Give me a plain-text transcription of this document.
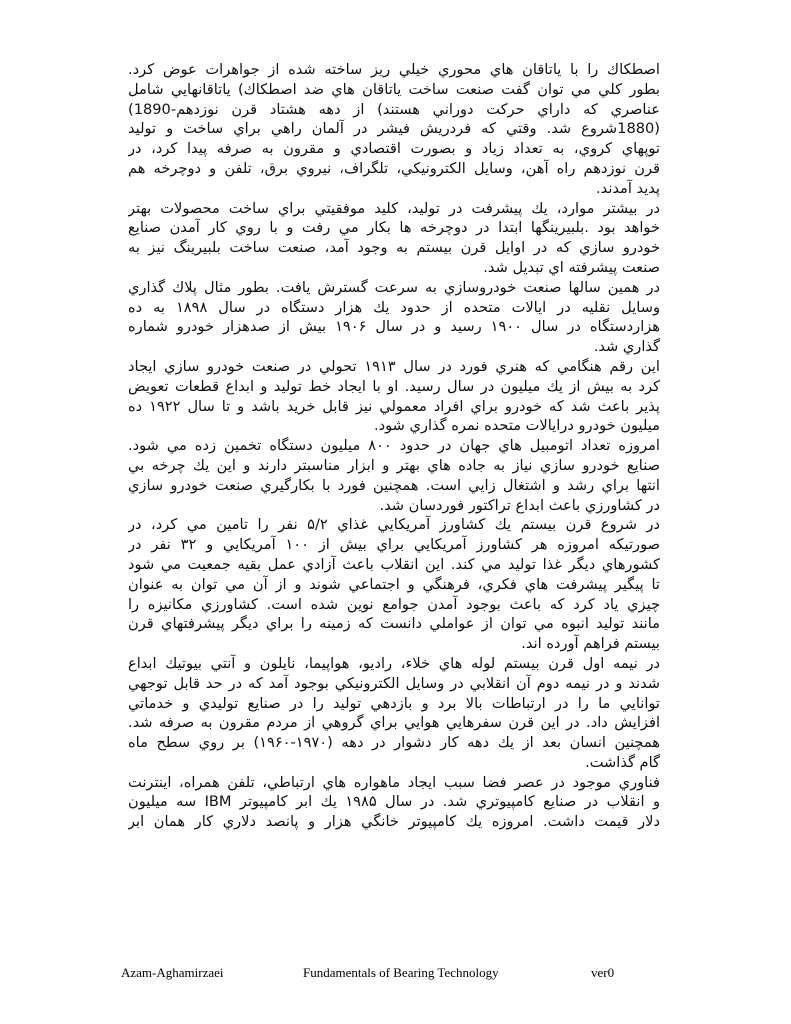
اصطكاك را با ياتاقان هاي محوري خيلي ريز ساخته شده از جواهرات عوض كرد.
بطور كلي مي توان گفت صنعت ساخت ياتاقان هاي ضد اصطكاك) ياتاقانهايي شامل
عناصري كه داراي حركت دوراني هستند) از دهه هشتاد قرن نوزدهم-1890)
(1880شروع شد. وقتي كه فردريش فيشر در آلمان راهي براي ساخت و توليد
توپهاي كروي، به تعداد زياد و بصورت اقتصادي و مقرون به صرفه پيدا كرد، در
قرن نوزدهم راه آهن، وسايل الكترونيكي، تلگراف، نيروي برق، تلفن و دوچرخه هم
پديد آمدند.
در بيشتر موارد، يك پيشرفت در توليد، كليد موفقيتي براي ساخت محصولات بهتر
خواهد بود .بلبيرينگها ابتدا در دوچرخه ها بكار مي رفت و با روي كار آمدن صنايع
خودرو سازي كه در اوايل قرن بيستم به وجود آمد، صنعت ساخت بلبيرينگ نيز به
صنعت پيشرفته اي تبديل شد.
در همين سالها صنعت خودروسازي به سرعت گسترش يافت. بطور مثال پلاك گذاري
وسايل نقليه در ايالات متحده از حدود يك هزار دستگاه در سال ۱۸۹۸ به ده
هزاردستگاه در سال ۱۹۰۰ رسيد و در سال ۱۹۰۶ بيش از صدهزار خودرو شماره
گذاري شد.
اين رقم هنگامي كه هنري فورد در سال ۱۹۱۳ تحولي در صنعت خودرو سازي ايجاد
كرد به بيش از يك ميليون در سال رسيد. او با ايجاد خط توليد و ابداع قطعات تعويض
پذير باعث شد كه خودرو براي افراد معمولي نيز قابل خريد باشد و تا سال ۱۹۲۲ ده
ميليون خودرو درايالات متحده نمره گذاري شود.
امروزه تعداد اتومبيل هاي جهان در حدود ۸۰۰ ميليون دستگاه تخمين زده مي شود.
صنايع خودرو سازي نياز به جاده هاي بهتر و ابزار مناسبتر دارند و اين يك چرخه بي
انتها براي رشد و اشتغال زايي است. همچنين فورد با بكارگيري صنعت خودرو سازي
در كشاورزي باعث ابداع تراكتور فوردسان شد.
در شروع قرن بيستم يك كشاورز آمريكايي غذاي ۵/۲ نفر را تامين مي كرد، در
صورتيكه امروزه هر كشاورز آمريكايي براي بيش از ۱۰۰ آمريكايي و ۳۲ نفر در
كشورهاي ديگر غذا توليد مي كند. اين انقلاب باعث آزادي عمل بقيه جمعيت مي شود
تا پيگير پيشرفت هاي فكري، فرهنگي و اجتماعي شوند و از آن مي توان به عنوان
چيزي ياد كرد كه باعث بوجود آمدن جوامع نوين شده است. كشاورزي مكانيزه را
مانند توليد انبوه مي توان از عواملي دانست كه زمينه را براي ديگر پيشرفتهاي قرن
بيستم فراهم آورده اند.
در نيمه اول قرن بيستم لوله هاي خلاء، راديو، هواپيما، نايلون و آنتي بيوتيك ابداع
شدند و در نيمه دوم آن انقلابي در وسايل الكترونيكي بوجود آمد كه در حد قابل توجهي
توانايي ما را در ارتباطات بالا برد و بازدهي توليد را در صنايع توليدي و خدماتي
افزايش داد. در اين قرن سفرهايي هوايي براي گروهي از مردم مقرون به صرفه شد.
همچنين انسان بعد از يك دهه كار دشوار در دهه (۱۹۷۰-۱۹۶۰) بر روي سطح ماه
گام گذاشت.
فناوري موجود در عصر فضا سبب ايجاد ماهواره هاي ارتباطي، تلفن همراه، اينترنت
و انقلاب در صنايع كامپيوتري شد. در سال ۱۹۸۵ يك ابر كامپيوتر IBM سه ميليون
دلار قيمت داشت. امروزه يك كامپيوتر خانگي هزار و پانصد دلاري كار همان ابر
Azam-Aghamirzaei	Fundamentals of Bearing Technology	ver0
